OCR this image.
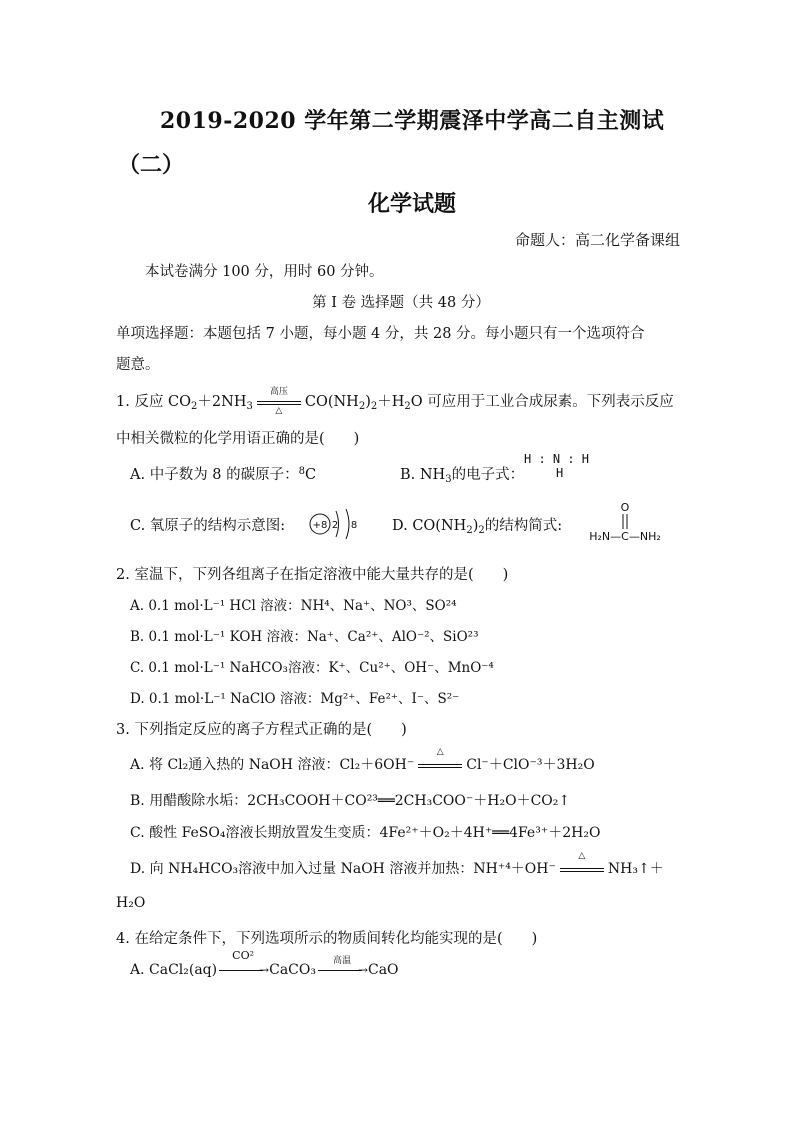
2019-2020 学年第二学期震泽中学高二自主测试
（二）
化学试题
命题人：高二化学备课组
本试卷满分 100 分，用时 60 分钟。
第 I 卷 选择题（共 48 分）
单项选择题：本题包括 7 小题，每小题 4 分，共 28 分。每小题只有一个选项符合
题意。
1. 反应 $CO_2+2NH_3$
高压
△
$CO(NH_2)_2+H_2O$ 可应用于工业合成尿素。下列表示反应
中相关微粒的化学用语正确的是(　　)
A. 中子数为 8 的碳原子：$^8$C	B. $NH_3$的电子式：
H : N : H
H
C. 氧原子的结构示意图:	+8 2 8 D. $CO(NH_2)_2$的结构简式:
O
H₂N—C—NH₂
2. 室温下，下列各组离子在指定溶液中能大量共存的是(　　)
A. 0.1 mol·L⁻¹ HCl 溶液：NH⁴、Na⁺、NO³、SO²⁴
B. 0.1 mol·L⁻¹ KOH 溶液：Na⁺、Ca²⁺、AlO⁻²、SiO²³
C. 0.1 mol·L⁻¹ NaHCO₃溶液：K⁺、Cu²⁺、OH⁻、MnO⁻⁴
D. 0.1 mol·L⁻¹ NaClO 溶液：Mg²⁺、Fe²⁺、I⁻、S²⁻
3. 下列指定反应的离子方程式正确的是(　　)
A. 将 Cl₂通入热的 NaOH 溶液：Cl₂＋6OH⁻
△
Cl⁻＋ClO⁻³＋3H₂O
B. 用醋酸除水垢：2CH₃COOH＋CO²³══2CH₃COO⁻＋H₂O＋CO₂↑
C. 酸性 FeSO₄溶液长期放置发生变质：4Fe²⁺＋O₂＋4H⁺══4Fe³⁺＋2H₂O
D. 向 NH₄HCO₃溶液中加入过量 NaOH 溶液并加热：NH⁺⁴＋OH⁻
△
NH₃↑＋
H₂O
4. 在给定条件下，下列选项所示的物质间转化均能实现的是(　　)
A. CaCl₂(aq)
CO²
→ CaCO₃
高温
→ CaO
